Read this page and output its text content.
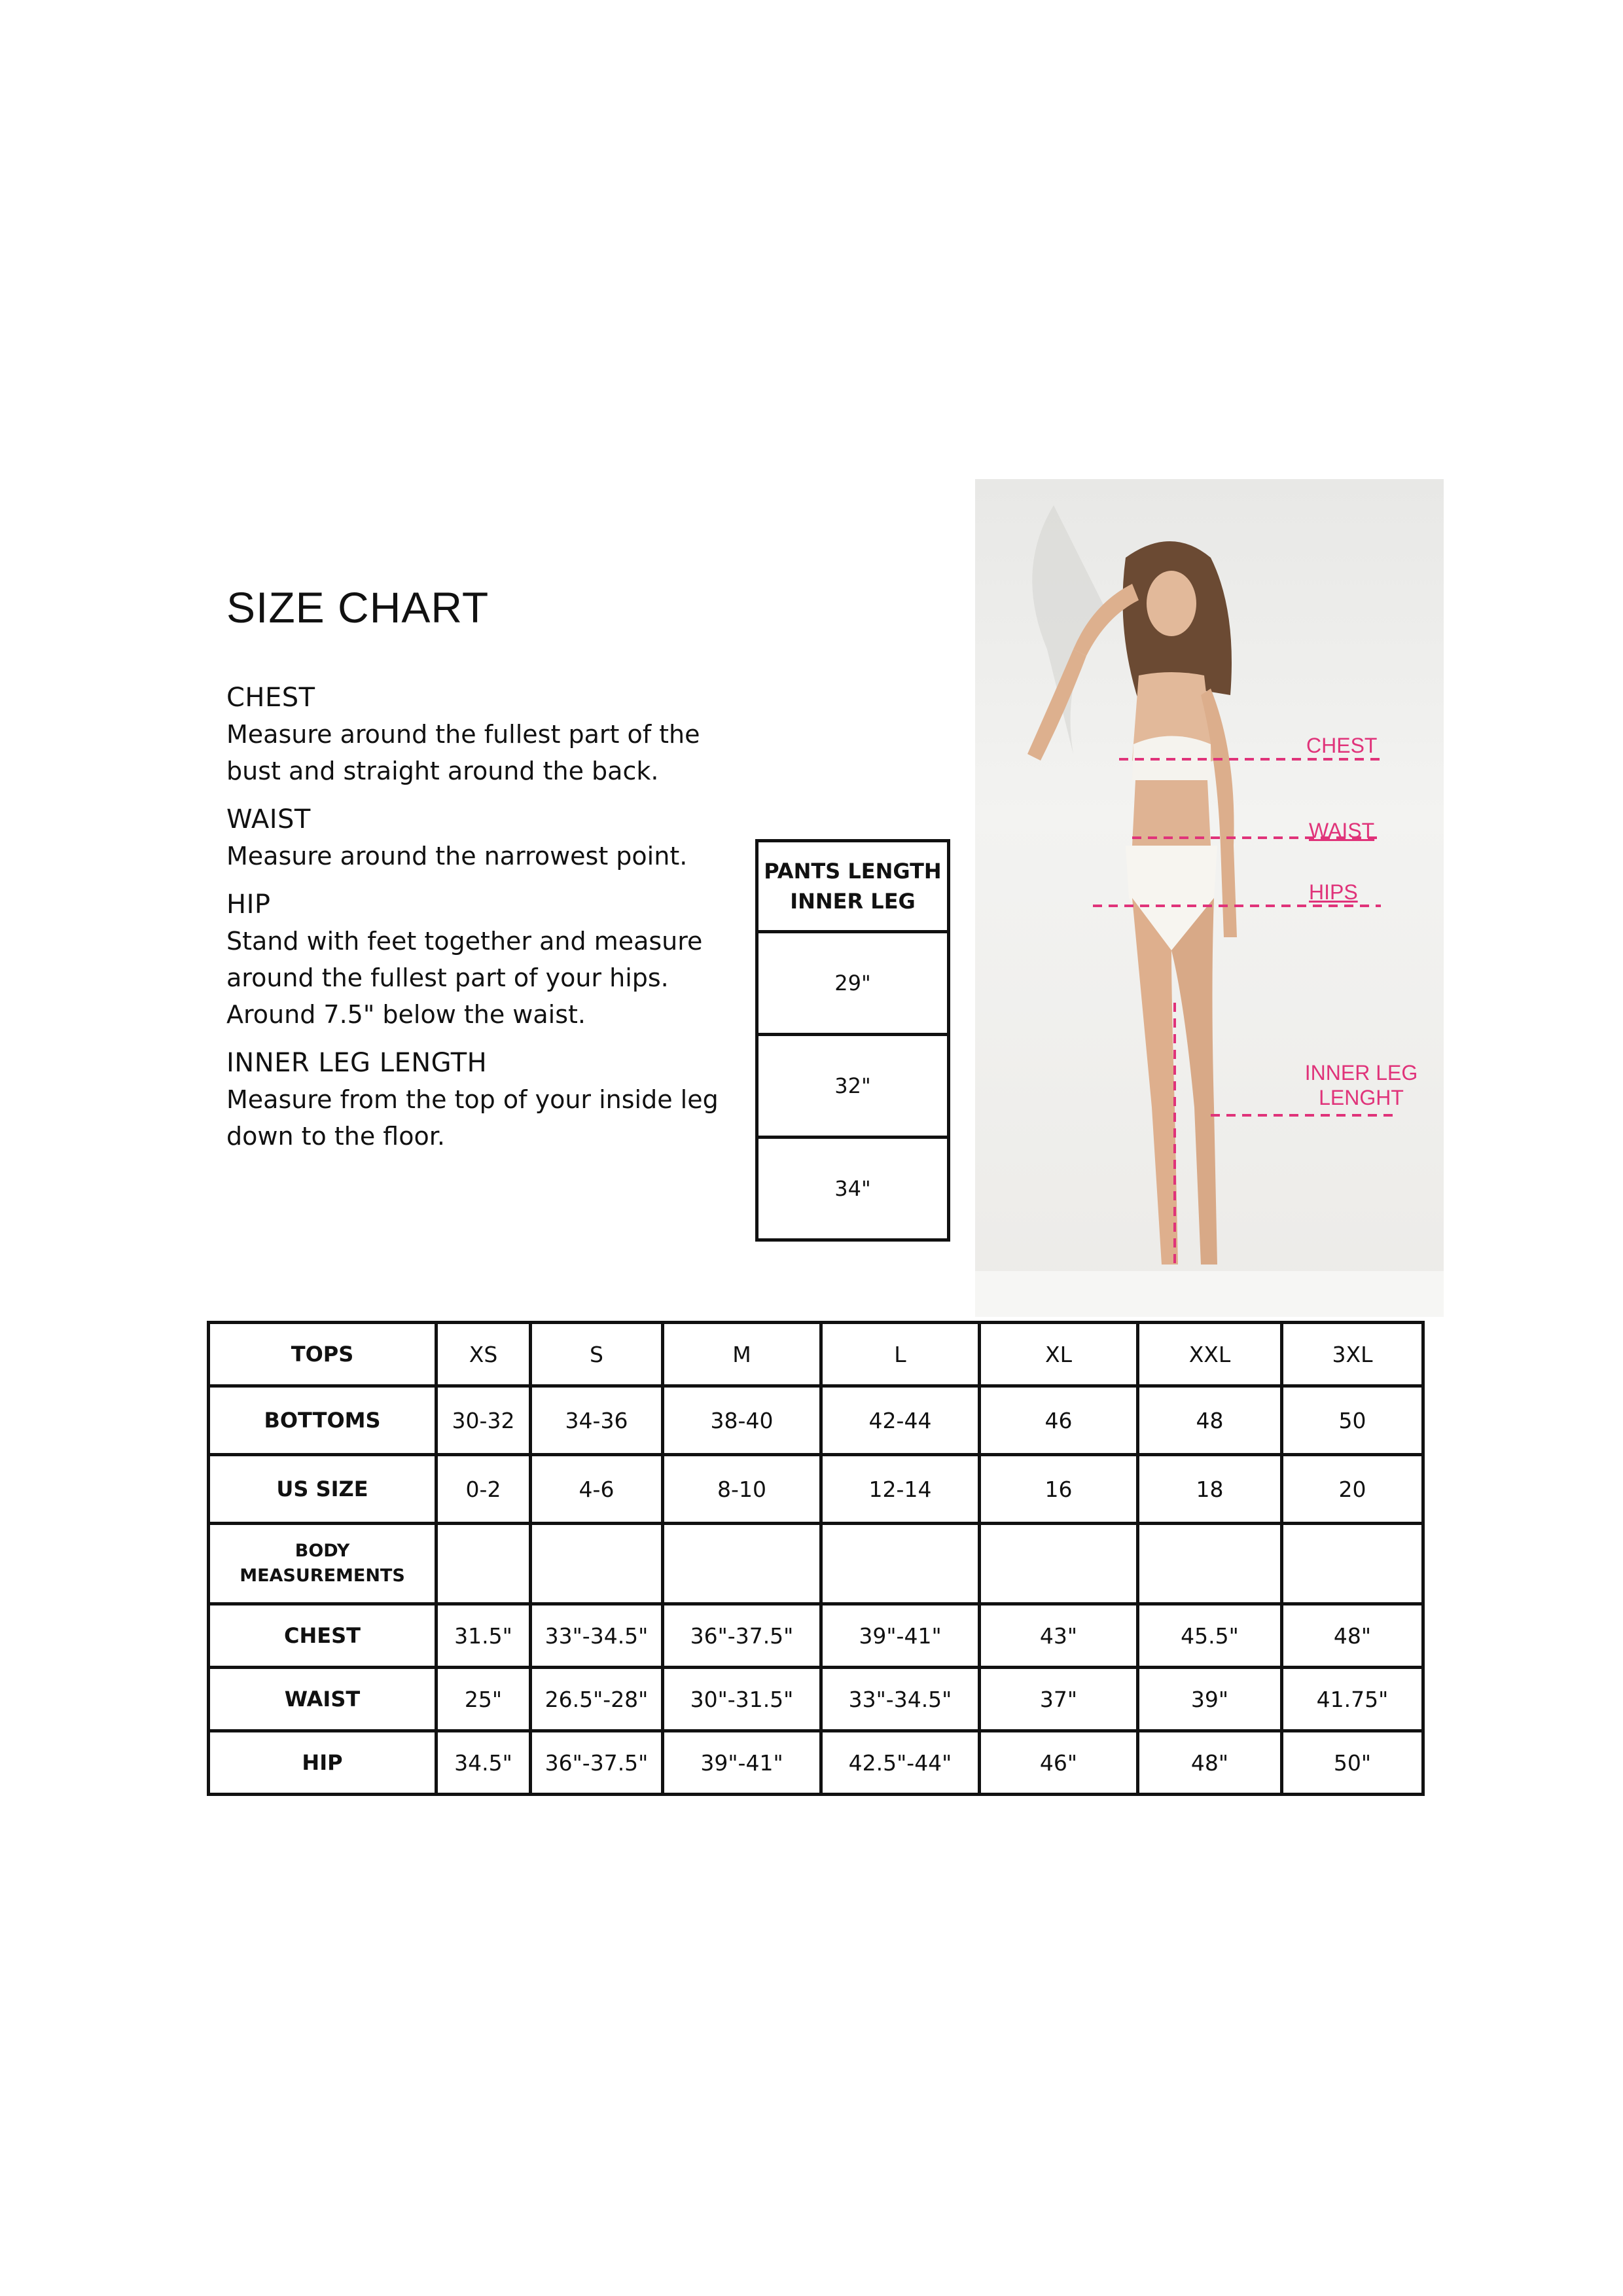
SIZE CHART
CHEST
Measure around the fullest part of the
bust and straight around the back.
WAIST
Measure around the narrowest point.
HIP
Stand with feet together and measure
around the fullest part of your hips.
Around 7.5" below the waist.
INNER LEG LENGTH
Measure from the top of your inside leg
down to the floor.
PANTS LENGTH
INNER LEG
29"
32"
34"
CHEST
WAIST
HIPS
INNER LEG
LENGHT
TOPS	XS	S	M	L	XL	XXL	3XL
BOTTOMS	30-32	34-36	38-40	42-44	46	48	50
US SIZE	0-2	4-6	8-10	12-14	16	18	20
BODY
MEASUREMENTS							
CHEST	31.5"	33"-34.5"	36"-37.5"	39"-41"	43"	45.5"	48"
WAIST	25"	26.5"-28"	30"-31.5"	33"-34.5"	37"	39"	41.75"
HIP	34.5"	36"-37.5"	39"-41"	42.5"-44"	46"	48"	50"
